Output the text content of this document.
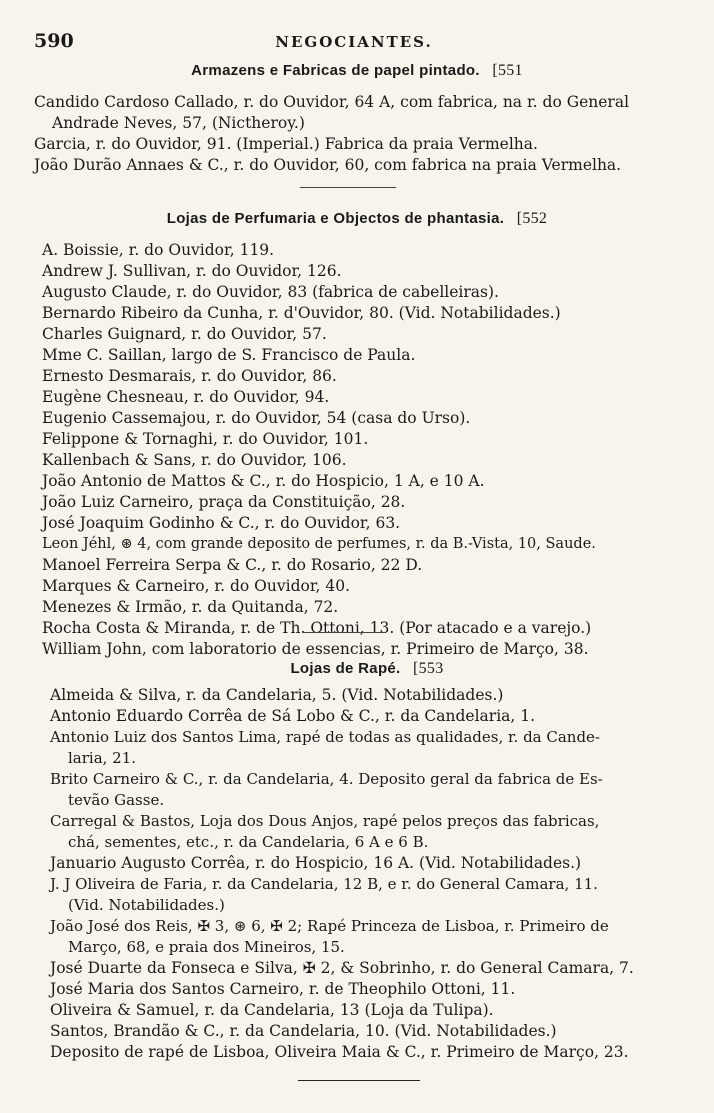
590	NEGOCIANTES.
Armazens e Fabricas de papel pintado. [551
Candido Cardoso Callado, r. do Ouvidor, 64 A, com fabrica, na r. do General
Andrade Neves, 57, (Nictheroy.)
Garcia, r. do Ouvidor, 91. (Imperial.) Fabrica da praia Vermelha.
João Durão Annaes & C., r. do Ouvidor, 60, com fabrica na praia Vermelha.
Lojas de Perfumaria e Objectos de phantasia. [552
A. Boissie, r. do Ouvidor, 119.
Andrew J. Sullivan, r. do Ouvidor, 126.
Augusto Claude, r. do Ouvidor, 83 (fabrica de cabelleiras).
Bernardo Ribeiro da Cunha, r. d'Ouvidor, 80. (Vid. Notabilidades.)
Charles Guignard, r. do Ouvidor, 57.
Mme C. Saillan, largo de S. Francisco de Paula.
Ernesto Desmarais, r. do Ouvidor, 86.
Eugène Chesneau, r. do Ouvidor, 94.
Eugenio Cassemajou, r. do Ouvidor, 54 (casa do Urso).
Felippone & Tornaghi, r. do Ouvidor, 101.
Kallenbach & Sans, r. do Ouvidor, 106.
João Antonio de Mattos & C., r. do Hospicio, 1 A, e 10 A.
João Luiz Carneiro, praça da Constituição, 28.
José Joaquim Godinho & C., r. do Ouvidor, 63.
Leon Jéhl, ⊛ 4, com grande deposito de perfumes, r. da B.-Vista, 10, Saude.
Manoel Ferreira Serpa & C., r. do Rosario, 22 D.
Marques & Carneiro, r. do Ouvidor, 40.
Menezes & Irmão, r. da Quitanda, 72.
Rocha Costa & Miranda, r. de Th. Ottoni, 13. (Por atacado e a varejo.)
William John, com laboratorio de essencias, r. Primeiro de Março, 38.
Lojas de Rapé. [553
Almeida & Silva, r. da Candelaria, 5. (Vid. Notabilidades.)
Antonio Eduardo Corrêa de Sá Lobo & C., r. da Candelaria, 1.
Antonio Luiz dos Santos Lima, rapé de todas as qualidades, r. da Cande-
laria, 21.
Brito Carneiro & C., r. da Candelaria, 4. Deposito geral da fabrica de Es-
tevão Gasse.
Carregal & Bastos, Loja dos Dous Anjos, rapé pelos preços das fabricas,
chá, sementes, etc., r. da Candelaria, 6 A e 6 B.
Januario Augusto Corrêa, r. do Hospicio, 16 A. (Vid. Notabilidades.)
J. J Oliveira de Faria, r. da Candelaria, 12 B, e r. do General Camara, 11.
(Vid. Notabilidades.)
João José dos Reis, ✠ 3, ⊛ 6, ✠ 2; Rapé Princeza de Lisboa, r. Primeiro de
Março, 68, e praia dos Mineiros, 15.
José Duarte da Fonseca e Silva, ✠ 2, & Sobrinho, r. do General Camara, 7.
José Maria dos Santos Carneiro, r. de Theophilo Ottoni, 11.
Oliveira & Samuel, r. da Candelaria, 13 (Loja da Tulipa).
Santos, Brandão & C., r. da Candelaria, 10. (Vid. Notabilidades.)
Deposito de rapé de Lisboa, Oliveira Maia & C., r. Primeiro de Março, 23.
